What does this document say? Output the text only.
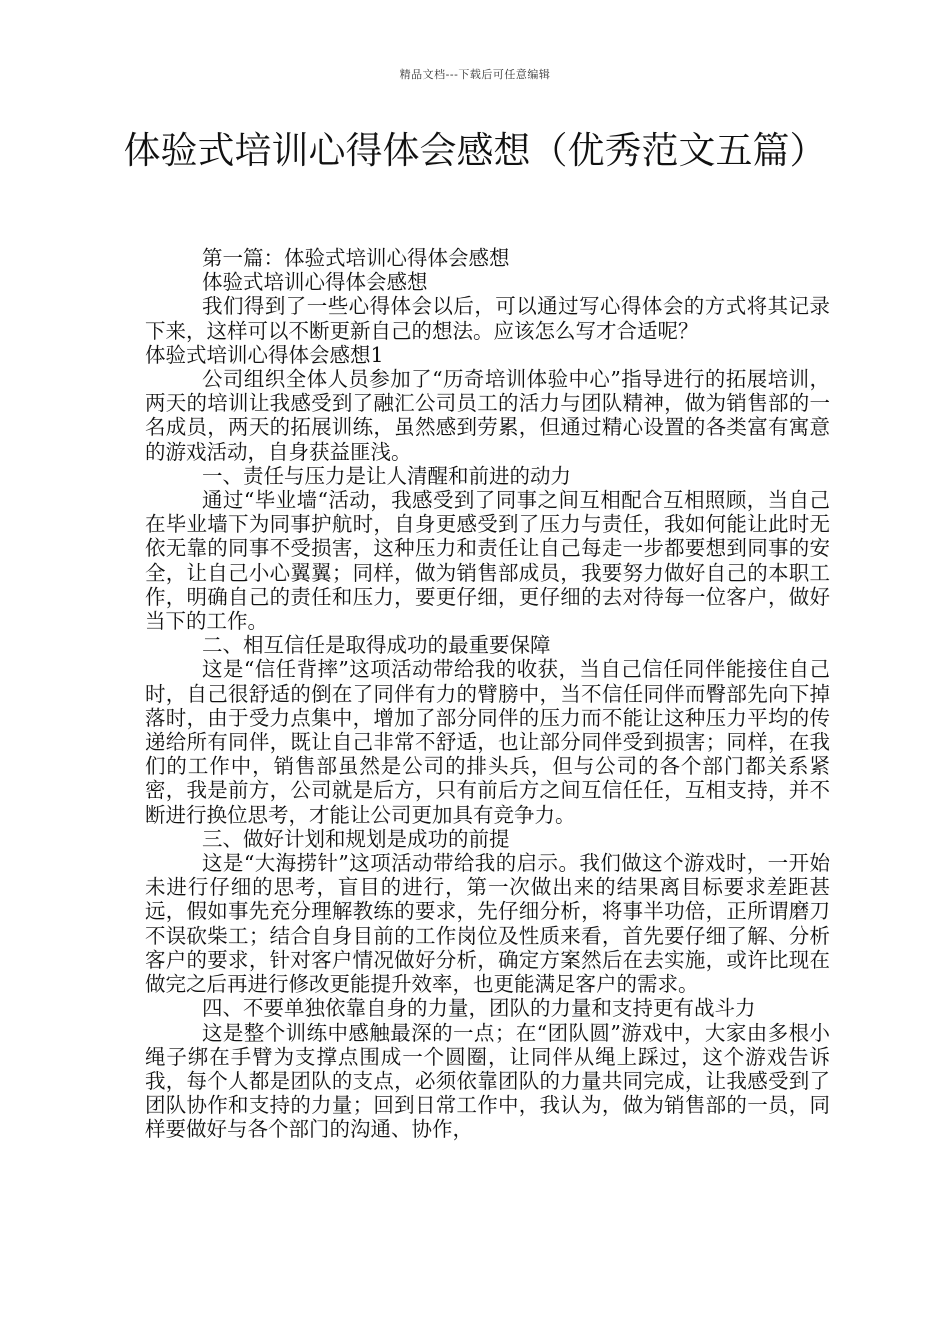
精品文档---下载后可任意编辑
体验式培训心得体会感想（优秀范文五篇）

第一篇：体验式培训心得体会感想

体验式培训心得体会感想

我们得到了一些心得体会以后，可以通过写心得体会的方式将其记录下来，这样可以不断更新自己的想法。应该怎么写才合适呢？

体验式培训心得体会感想1

公司组织全体人员参加了“历奇培训体验中心”指导进行的拓展培训，两天的培训让我感受到了融汇公司员工的活力与团队精神，做为销售部的一名成员，两天的拓展训练，虽然感到劳累，但通过精心设置的各类富有寓意的游戏活动，自身获益匪浅。

一、责任与压力是让人清醒和前进的动力

通过“毕业墙“活动，我感受到了同事之间互相配合互相照顾，当自己在毕业墙下为同事护航时，自身更感受到了压力与责任，我如何能让此时无依无靠的同事不受损害，这种压力和责任让自己每走一步都要想到同事的安全，让自己小心翼翼；同样，做为销售部成员，我要努力做好自己的本职工作，明确自己的责任和压力，要更仔细，更仔细的去对待每一位客户，做好当下的工作。

二、相互信任是取得成功的最重要保障

这是“信任背摔”这项活动带给我的收获，当自己信任同伴能接住自己时，自己很舒适的倒在了同伴有力的臂膀中，当不信任同伴而臀部先向下掉落时，由于受力点集中，增加了部分同伴的压力而不能让这种压力平均的传递给所有同伴，既让自己非常不舒适，也让部分同伴受到损害；同样，在我们的工作中，销售部虽然是公司的排头兵，但与公司的各个部门都关系紧密，我是前方，公司就是后方，只有前后方之间互信任任，互相支持，并不断进行换位思考，才能让公司更加具有竞争力。

三、做好计划和规划是成功的前提

这是“大海捞针”这项活动带给我的启示。我们做这个游戏时，一开始未进行仔细的思考，盲目的进行，第一次做出来的结果离目标要求差距甚远，假如事先充分理解教练的要求，先仔细分析，将事半功倍，正所谓磨刀不误砍柴工；结合自身目前的工作岗位及性质来看，首先要仔细了解、分析客户的要求，针对客户情况做好分析，确定方案然后在去实施，或许比现在做完之后再进行修改更能提升效率，也更能满足客户的需求。

四、不要单独依靠自身的力量，团队的力量和支持更有战斗力

这是整个训练中感触最深的一点；在“团队圆”游戏中，大家由多根小绳子绑在手臂为支撑点围成一个圆圈，让同伴从绳上踩过，这个游戏告诉我，每个人都是团队的支点，必须依靠团队的力量共同完成，让我感受到了团队协作和支持的力量；回到日常工作中，我认为，做为销售部的一员，同样要做好与各个部门的沟通、协作，
